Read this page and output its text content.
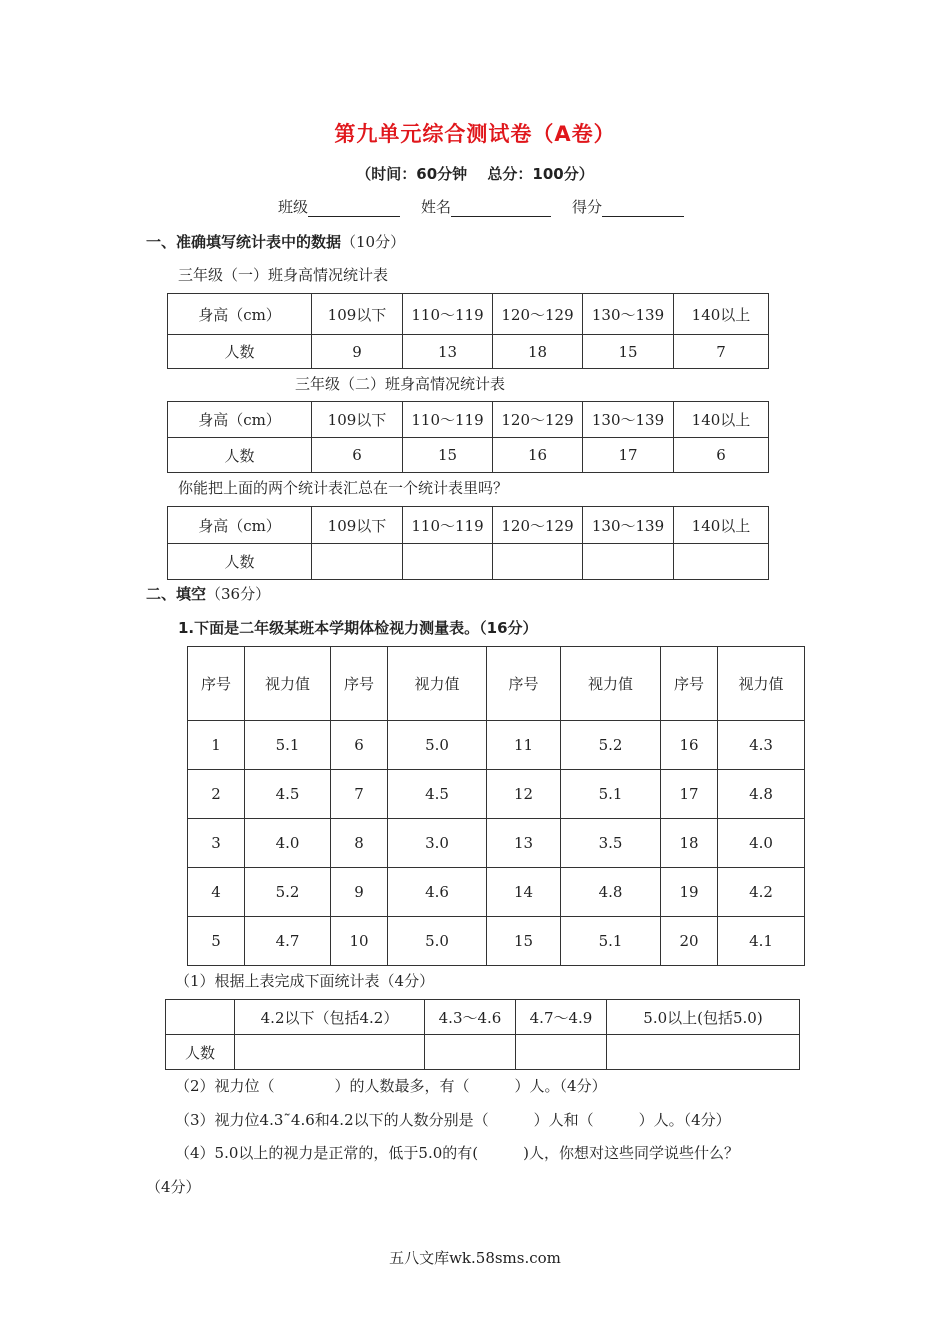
第九单元综合测试卷（A卷）
（时间：60分钟　 总分：100分）
班级	姓名	得分
一、准确填写统计表中的数据（10分）
三年级（一）班身高情况统计表
身高（cm）	109以下	110～119	120～129	130～139	140以上
人数	9	13	18	15	7
三年级（二）班身高情况统计表
身高（cm）	109以下	110～119	120～129	130～139	140以上
人数	6	15	16	17	6
你能把上面的两个统计表汇总在一个统计表里吗？
身高（cm）	109以下	110～119	120～129	130～139	140以上
人数					
二、填空（36分）
1.下面是二年级某班本学期体检视力测量表。（16分）
序号	视力值	序号	视力值	序号	视力值	序号	视力值
1	5.1	6	5.0	11	5.2	16	4.3
2	4.5	7	4.5	12	5.1	17	4.8
3	4.0	8	3.0	13	3.5	18	4.0
4	5.2	9	4.6	14	4.8	19	4.2
5	4.7	10	5.0	15	5.1	20	4.1
（1）根据上表完成下面统计表（4分）
	4.2以下（包括4.2）	4.3～4.6	4.7～4.9	5.0以上(包括5.0)
人数				
（2）视力位（　　　　）的人数最多，有（　　　）人。（4分）
（3）视力位4.3˜4.6和4.2以下的人数分别是（　　　）人和（　　　）人。（4分）
（4）5.0以上的视力是正常的，低于5.0的有(　　　)人，你想对这些同学说些什么？
（4分）
五八文库wk.58sms.com
